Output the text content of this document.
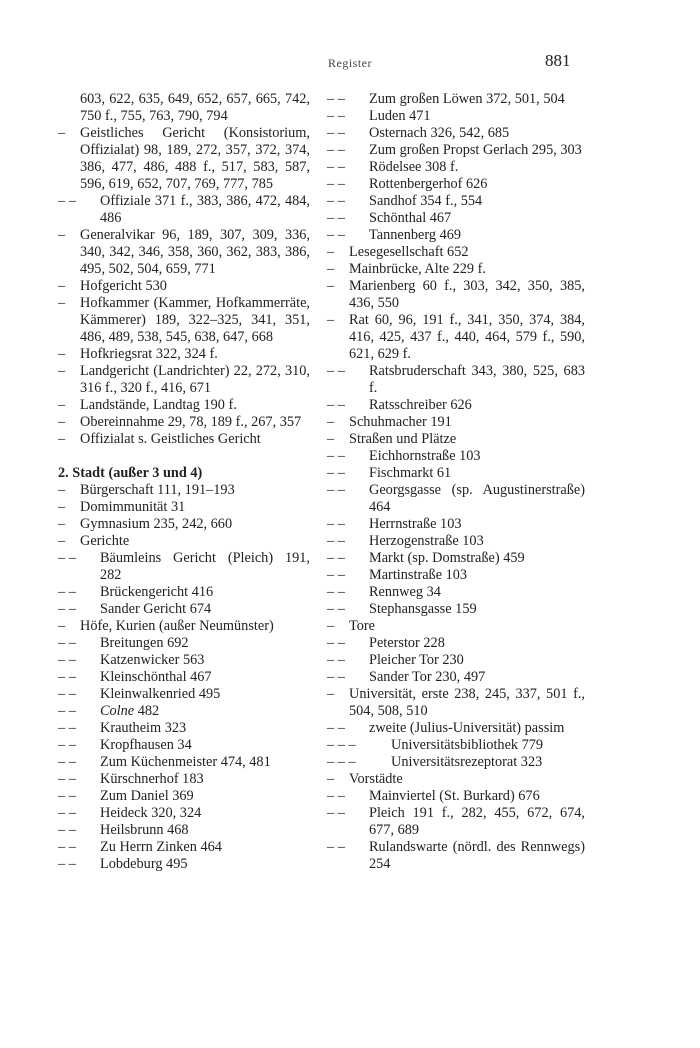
Register	881
603, 622, 635, 649, 652, 657, 665, 742, 750 f., 755, 763, 790, 794
– Geistliches Gericht (Konsistorium, Offizialat) 98, 189, 272, 357, 372, 374, 386, 477, 486, 488 f., 517, 583, 587, 596, 619, 652, 707, 769, 777, 785
– – Offiziale 371 f., 383, 386, 472, 484, 486
– Generalvikar 96, 189, 307, 309, 336, 340, 342, 346, 358, 360, 362, 383, 386, 495, 502, 504, 659, 771
– Hofgericht 530
– Hofkammer (Kammer, Hofkammerräte, Kämmerer) 189, 322–325, 341, 351, 486, 489, 538, 545, 638, 647, 668
– Hofkriegsrat 322, 324 f.
– Landgericht (Landrichter) 22, 272, 310, 316 f., 320 f., 416, 671
– Landstände, Landtag 190 f.
– Obereinnahme 29, 78, 189 f., 267, 357
– Offizialat s. Geistliches Gericht
2. Stadt (außer 3 und 4)
– Bürgerschaft 111, 191–193
– Domimmunität 31
– Gymnasium 235, 242, 660
– Gerichte
– – Bäumleins Gericht (Pleich) 191, 282
– – Brückengericht 416
– – Sander Gericht 674
– Höfe, Kurien (außer Neumünster)
– – Breitungen 692
– – Katzenwicker 563
– – Kleinschönthal 467
– – Kleinwalkenried 495
– – Colne 482
– – Krautheim 323
– – Kropfhausen 34
– – Zum Küchenmeister 474, 481
– – Kürschnerhof 183
– – Zum Daniel 369
– – Heideck 320, 324
– – Heilsbrunn 468
– – Zu Herrn Zinken 464
– – Lobdeburg 495
– – Zum großen Löwen 372, 501, 504
– – Luden 471
– – Osternach 326, 542, 685
– – Zum großen Propst Gerlach 295, 303
– – Rödelsee 308 f.
– – Rottenbergerhof 626
– – Sandhof 354 f., 554
– – Schönthal 467
– – Tannenberg 469
– Lesegesellschaft 652
– Mainbrücke, Alte 229 f.
– Marienberg 60 f., 303, 342, 350, 385, 436, 550
– Rat 60, 96, 191 f., 341, 350, 374, 384, 416, 425, 437 f., 440, 464, 579 f., 590, 621, 629 f.
– – Ratsbruderschaft 343, 380, 525, 683 f.
– – Ratsschreiber 626
– Schuhmacher 191
– Straßen und Plätze
– – Eichhornstraße 103
– – Fischmarkt 61
– – Georgsgasse (sp. Augustinerstraße) 464
– – Herrnstraße 103
– – Herzogenstraße 103
– – Markt (sp. Domstraße) 459
– – Martinstraße 103
– – Rennweg 34
– – Stephansgasse 159
– Tore
– – Peterstor 228
– – Pleicher Tor 230
– – Sander Tor 230, 497
– Universität, erste 238, 245, 337, 501 f., 504, 508, 510
– – zweite (Julius-Universität) passim
– – – Universitätsbibliothek 779
– – – Universitätsrezeptorat 323
– Vorstädte
– – Mainviertel (St. Burkard) 676
– – Pleich 191 f., 282, 455, 672, 674, 677, 689
– – Rulandswarte (nördl. des Rennwegs) 254
